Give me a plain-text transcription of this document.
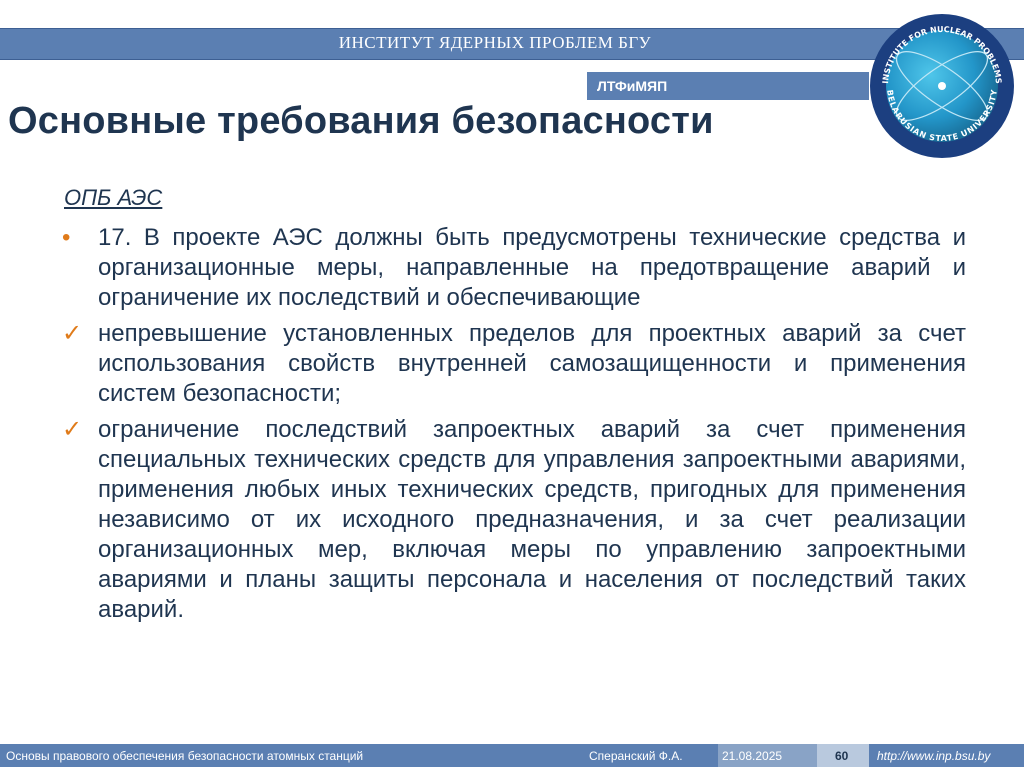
ИНСТИТУТ ЯДЕРНЫХ ПРОБЛЕМ БГУ
ЛТФиМЯП	INSTITUTE FOR NUCLEAR PROBLEMS
BELARUSIAN STATE UNIVERSITY
Основные требования безопасности
ОПБ АЭС
• 17. В проекте АЭС должны быть предусмотрены технические средства и организационные меры, направленные на предотвращение аварий и ограничение их последствий и обеспечивающие
✓ непревышение установленных пределов для проектных аварий за счет использования свойств внутренней самозащищенности и применения систем безопасности;
✓ ограничение последствий запроектных аварий за счет применения специальных технических средств для управления запроектными авариями, применения любых иных технических средств, пригодных для применения независимо от их исходного предназначения, и за счет реализации организационных мер, включая меры по управлению запроектными авариями и планы защиты персонала и населения от последствий таких аварий.
Основы правового обеспечения безопасности атомных станций	Сперанский Ф.А.	21.08.2025	60 http://www.inp.bsu.by
